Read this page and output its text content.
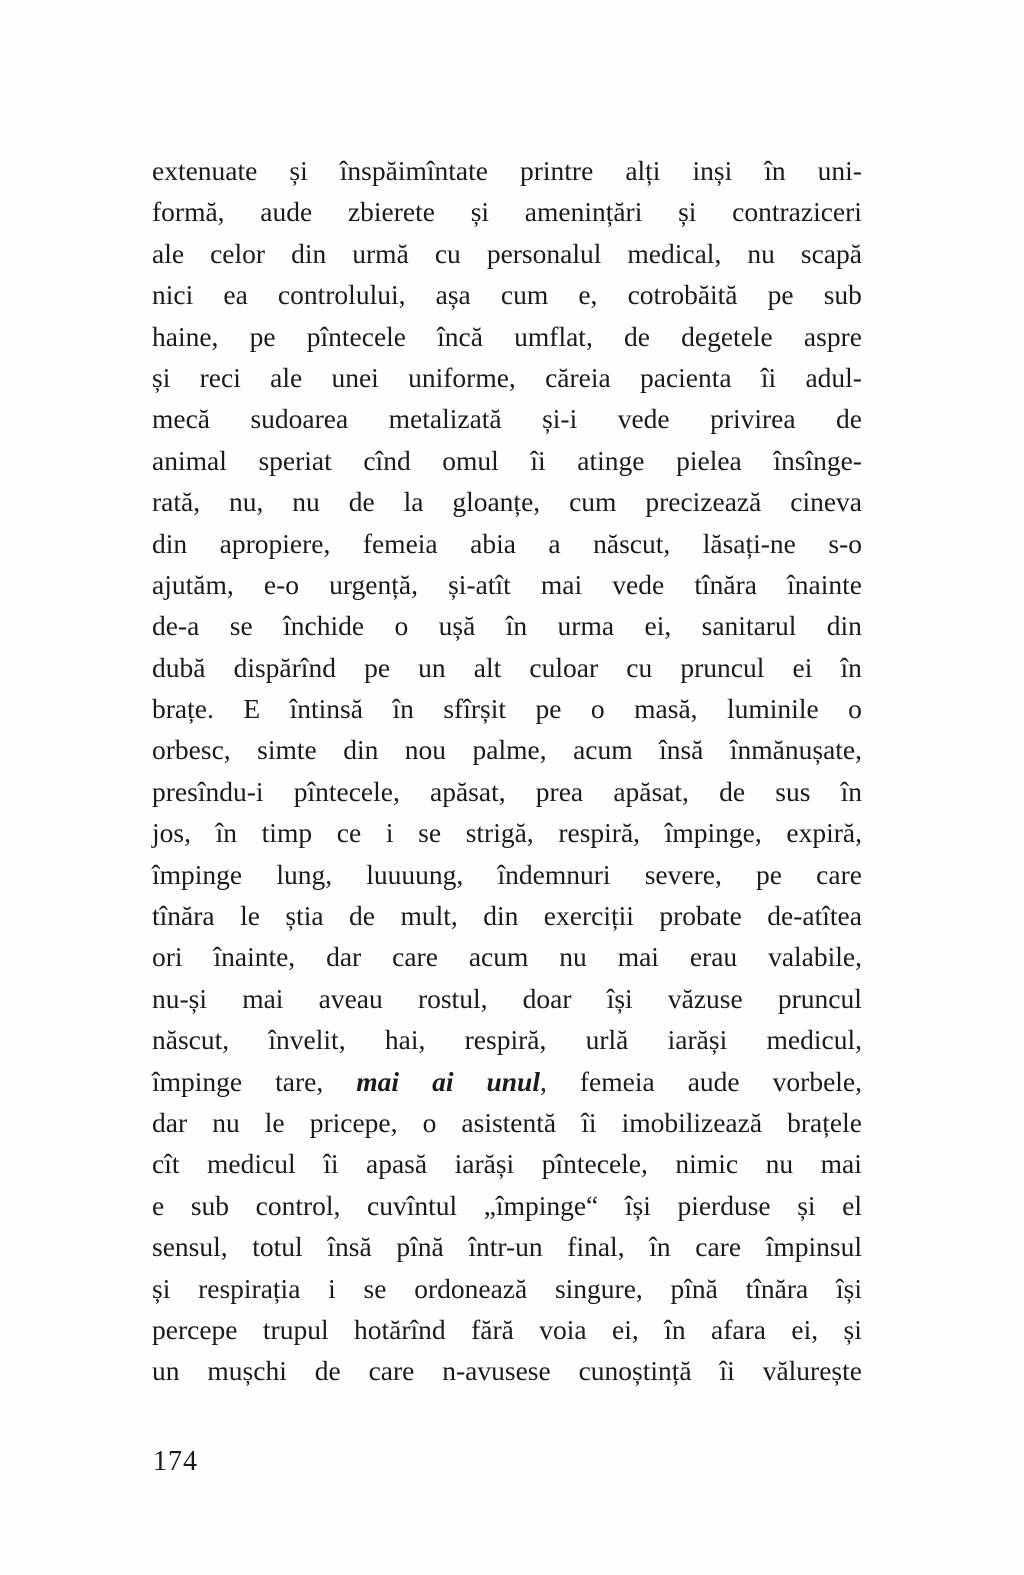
extenuate și înspăimîntate printre alți inși în uni-
formă, aude zbierete și amenințări și contraziceri
ale celor din urmă cu personalul medical, nu scapă
nici ea controlului, așa cum e, cotrobăită pe sub
haine, pe pîntecele încă umflat, de degetele aspre
și reci ale unei uniforme, căreia pacienta îi adul-
mecă sudoarea metalizată și-i vede privirea de
animal speriat cînd omul îi atinge pielea însînge-
rată, nu, nu de la gloanțe, cum precizează cineva
din apropiere, femeia abia a născut, lăsați-ne s-o
ajutăm, e-o urgență, și-atît mai vede tînăra înainte
de-a se închide o ușă în urma ei, sanitarul din
dubă dispărînd pe un alt culoar cu pruncul ei în
brațe. E întinsă în sfîrșit pe o masă, luminile o
orbesc, simte din nou palme, acum însă înmănușate,
presîndu-i pîntecele, apăsat, prea apăsat, de sus în
jos, în timp ce i se strigă, respiră, împinge, expiră,
împinge lung, luuuung, îndemnuri severe, pe care
tînăra le știa de mult, din exerciții probate de-atîtea
ori înainte, dar care acum nu mai erau valabile,
nu-și mai aveau rostul, doar își văzuse pruncul
născut, învelit, hai, respiră, urlă iarăși medicul,
împinge tare, mai ai unul, femeia aude vorbele,
dar nu le pricepe, o asistentă îi imobilizează brațele
cît medicul îi apasă iarăși pîntecele, nimic nu mai
e sub control, cuvîntul „împinge“ își pierduse și el
sensul, totul însă pînă într-un final, în care împinsul
și respirația i se ordonează singure, pînă tînăra își
percepe trupul hotărînd fără voia ei, în afara ei, și
un mușchi de care n-avusese cunoștință îi vălurește
174
